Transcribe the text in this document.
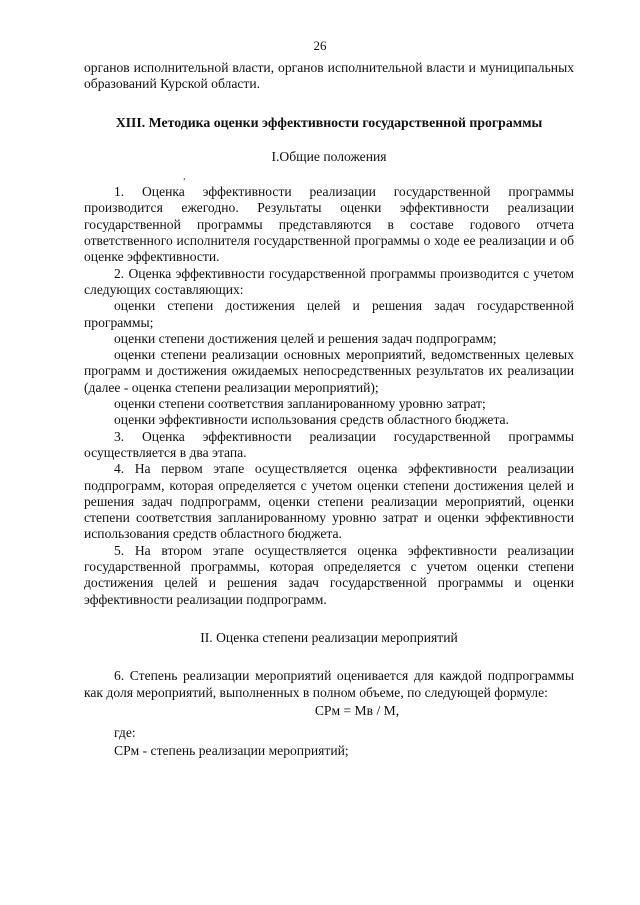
26
,

органов исполнительной власти, органов исполнительной власти и муниципальных образований Курской области.

XIII. Методика оценки эффективности государственной программы

I.Общие положения

1. Оценка эффективности реализации государственной программы производится ежегодно. Результаты оценки эффективности реализации государственной программы представляются в составе годового отчета ответственного исполнителя государственной программы о ходе ее реализации и об оценке эффективности.

2. Оценка эффективности государственной программы производится с учетом следующих составляющих:

оценки степени достижения целей и решения задач государственной программы;

оценки степени достижения целей и решения задач подпрограмм;

оценки степени реализации основных мероприятий, ведомственных целевых программ и достижения ожидаемых непосредственных результатов их реализации (далее - оценка степени реализации мероприятий);

оценки степени соответствия запланированному уровню затрат;

оценки эффективности использования средств областного бюджета.

3. Оценка эффективности реализации государственной программы осуществляется в два этапа.

4. На первом этапе осуществляется оценка эффективности реализации подпрограмм, которая определяется с учетом оценки степени достижения целей и решения задач подпрограмм, оценки степени реализации мероприятий, оценки степени соответствия запланированному уровню затрат и оценки эффективности использования средств областного бюджета.

5. На втором этапе осуществляется оценка эффективности реализации государственной программы, которая определяется с учетом оценки степени достижения целей и решения задач государственной программы и оценки эффективности реализации подпрограмм.

II. Оценка степени реализации мероприятий

6. Степень реализации мероприятий оценивается для каждой подпрограммы как доля мероприятий, выполненных в полном объеме, по следующей формуле:

СРм = Мв / М,

где:

СРм - степень реализации мероприятий;
